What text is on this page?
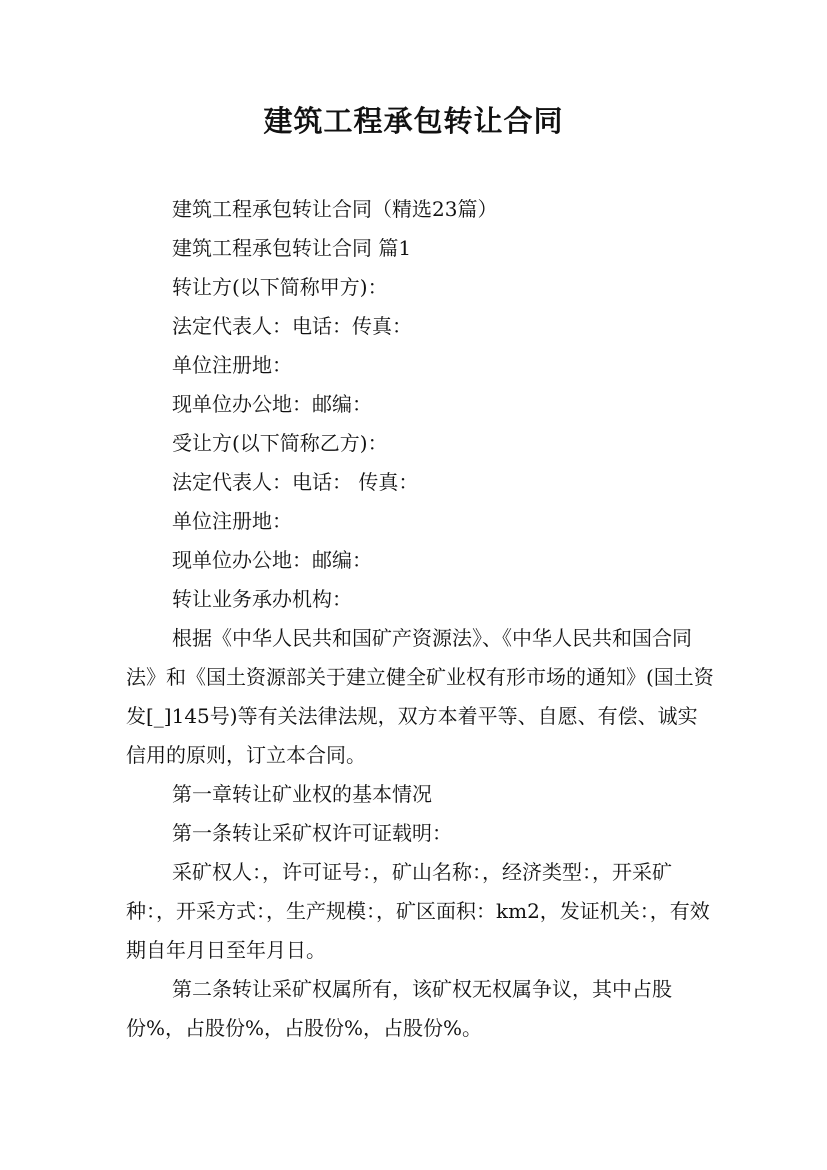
建筑工程承包转让合同

建筑工程承包转让合同（精选23篇）

建筑工程承包转让合同 篇1

转让方(以下简称甲方)：

法定代表人：电话：传真：

单位注册地：

现单位办公地：邮编：

受让方(以下简称乙方)：

法定代表人：电话： 传真：

单位注册地：

现单位办公地：邮编：

转让业务承办机构：

根据《中华人民共和国矿产资源法》、《中华人民共和国合同法》和《国土资源部关于建立健全矿业权有形市场的通知》(国土资发[_]145号)等有关法律法规，双方本着平等、自愿、有偿、诚实信用的原则，订立本合同。

第一章转让矿业权的基本情况

第一条转让采矿权许可证载明：

采矿权人：，许可证号：，矿山名称：，经济类型：，开采矿种：，开采方式：，生产规模：，矿区面积：km2，发证机关：，有效期自年月日至年月日。

第二条转让采矿权属所有，该矿权无权属争议，其中占股份%，占股份%，占股份%，占股份%。
